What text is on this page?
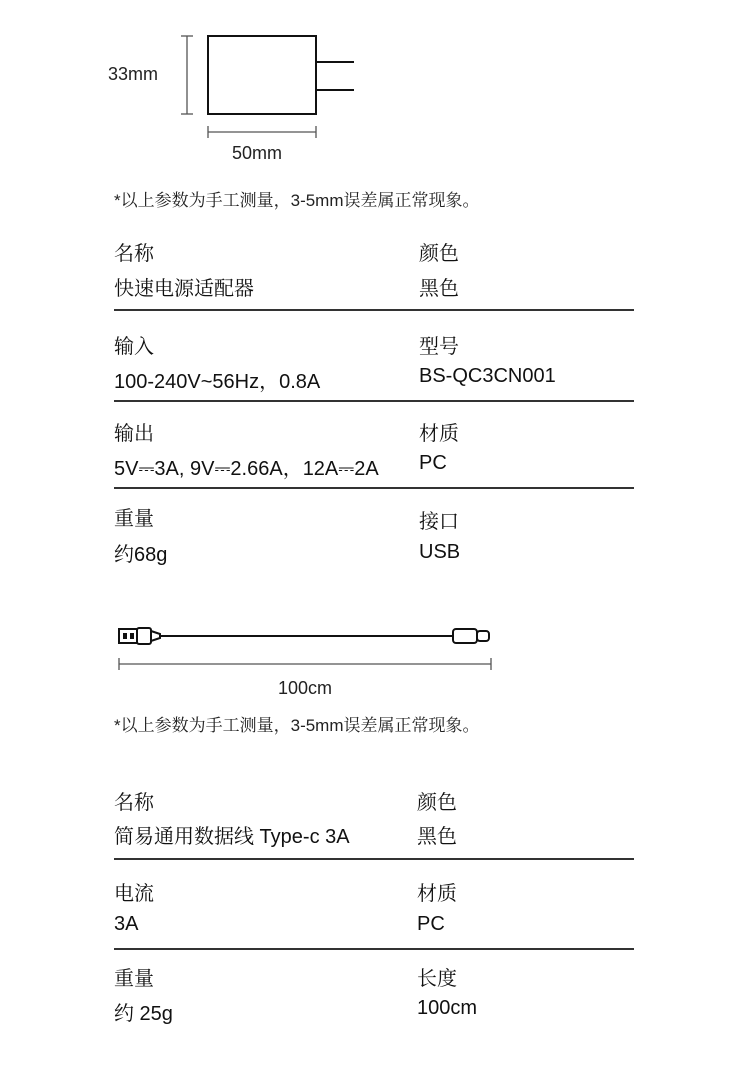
33mm
50mm
*以上参数为手工测量，3-5mm误差属正常现象。
名称
快速电源适配器
颜色
黑色
输入
100-240V~56Hz，0.8A
型号
BS-QC3CN001
输出
5V⎓3A, 9V⎓2.66A，12A⎓2A
材质
PC
重量
约68g
接口
USB
100cm
*以上参数为手工测量，3-5mm误差属正常现象。
名称
简易通用数据线 Type-c 3A
颜色
黑色
电流
3A
材质
PC
重量
约 25g
长度
100cm
